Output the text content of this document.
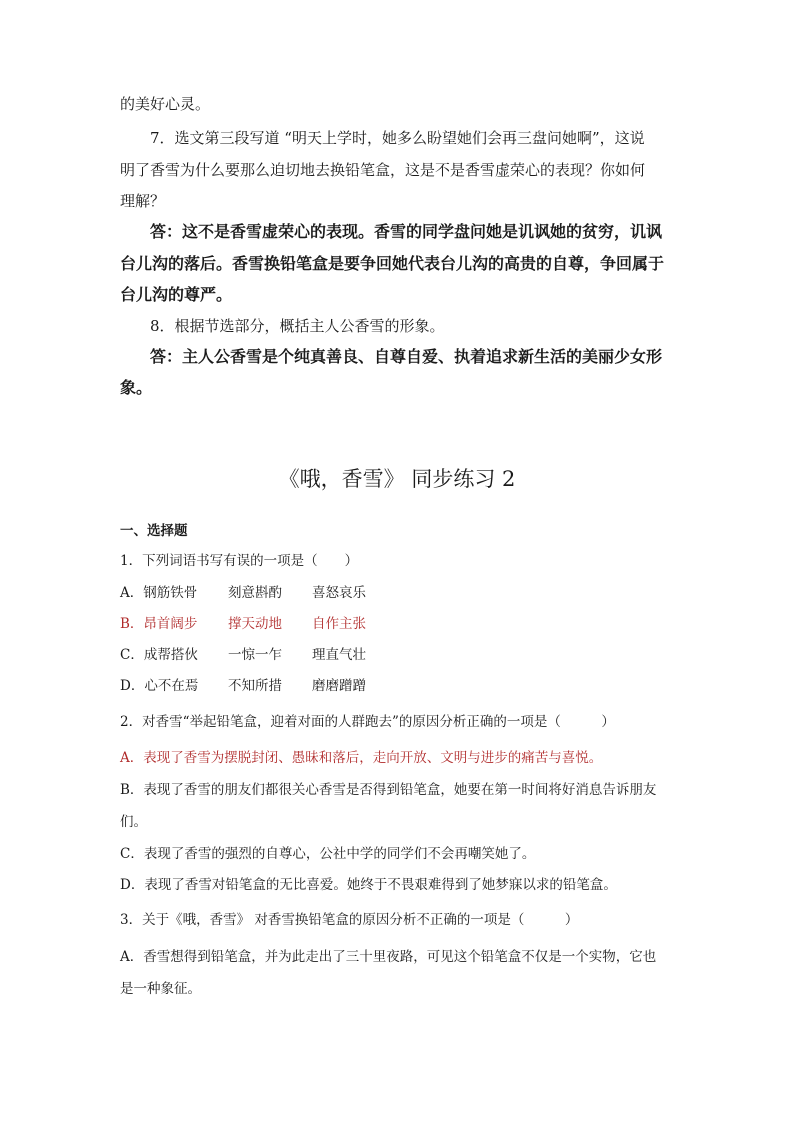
的美好心灵。
7．选文第三段写道 “明天上学时，她多么盼望她们会再三盘问她啊”，这说
明了香雪为什么要那么迫切地去换铅笔盒，这是不是香雪虚荣心的表现？你如何
理解？
答：这不是香雪虚荣心的表现。香雪的同学盘问她是讥讽她的贫穷，讥讽
台儿沟的落后。香雪换铅笔盒是要争回她代表台儿沟的高贵的自尊，争回属于
台儿沟的尊严。
8．根据节选部分，概括主人公香雪的形象。
答：主人公香雪是个纯真善良、自尊自爱、执着追求新生活的美丽少女形
象。
《哦，香雪》 同步练习 2
一、选择题
1．下列词语书写有误的一项是（　　）
A．钢筋铁骨 刻意斟酌 喜怒哀乐
B．昂首阔步 撑天动地 自作主张
C．成帮搭伙 一惊一乍 理直气壮
D．心不在焉 不知所措 磨磨蹭蹭
2．对香雪“举起铅笔盒，迎着对面的人群跑去”的原因分析正确的一项是（　　　）
A．表现了香雪为摆脱封闭、愚昧和落后，走向开放、文明与进步的痛苦与喜悦。
B．表现了香雪的朋友们都很关心香雪是否得到铅笔盒，她要在第一时间将好消息告诉朋友
们。
C．表现了香雪的强烈的自尊心，公社中学的同学们不会再嘲笑她了。
D．表现了香雪对铅笔盒的无比喜爱。她终于不畏艰难得到了她梦寐以求的铅笔盒。
3．关于《哦，香雪》 对香雪换铅笔盒的原因分析不正确的一项是（　　　）
A．香雪想得到铅笔盒，并为此走出了三十里夜路，可见这个铅笔盒不仅是一个实物，它也
是一种象征。
